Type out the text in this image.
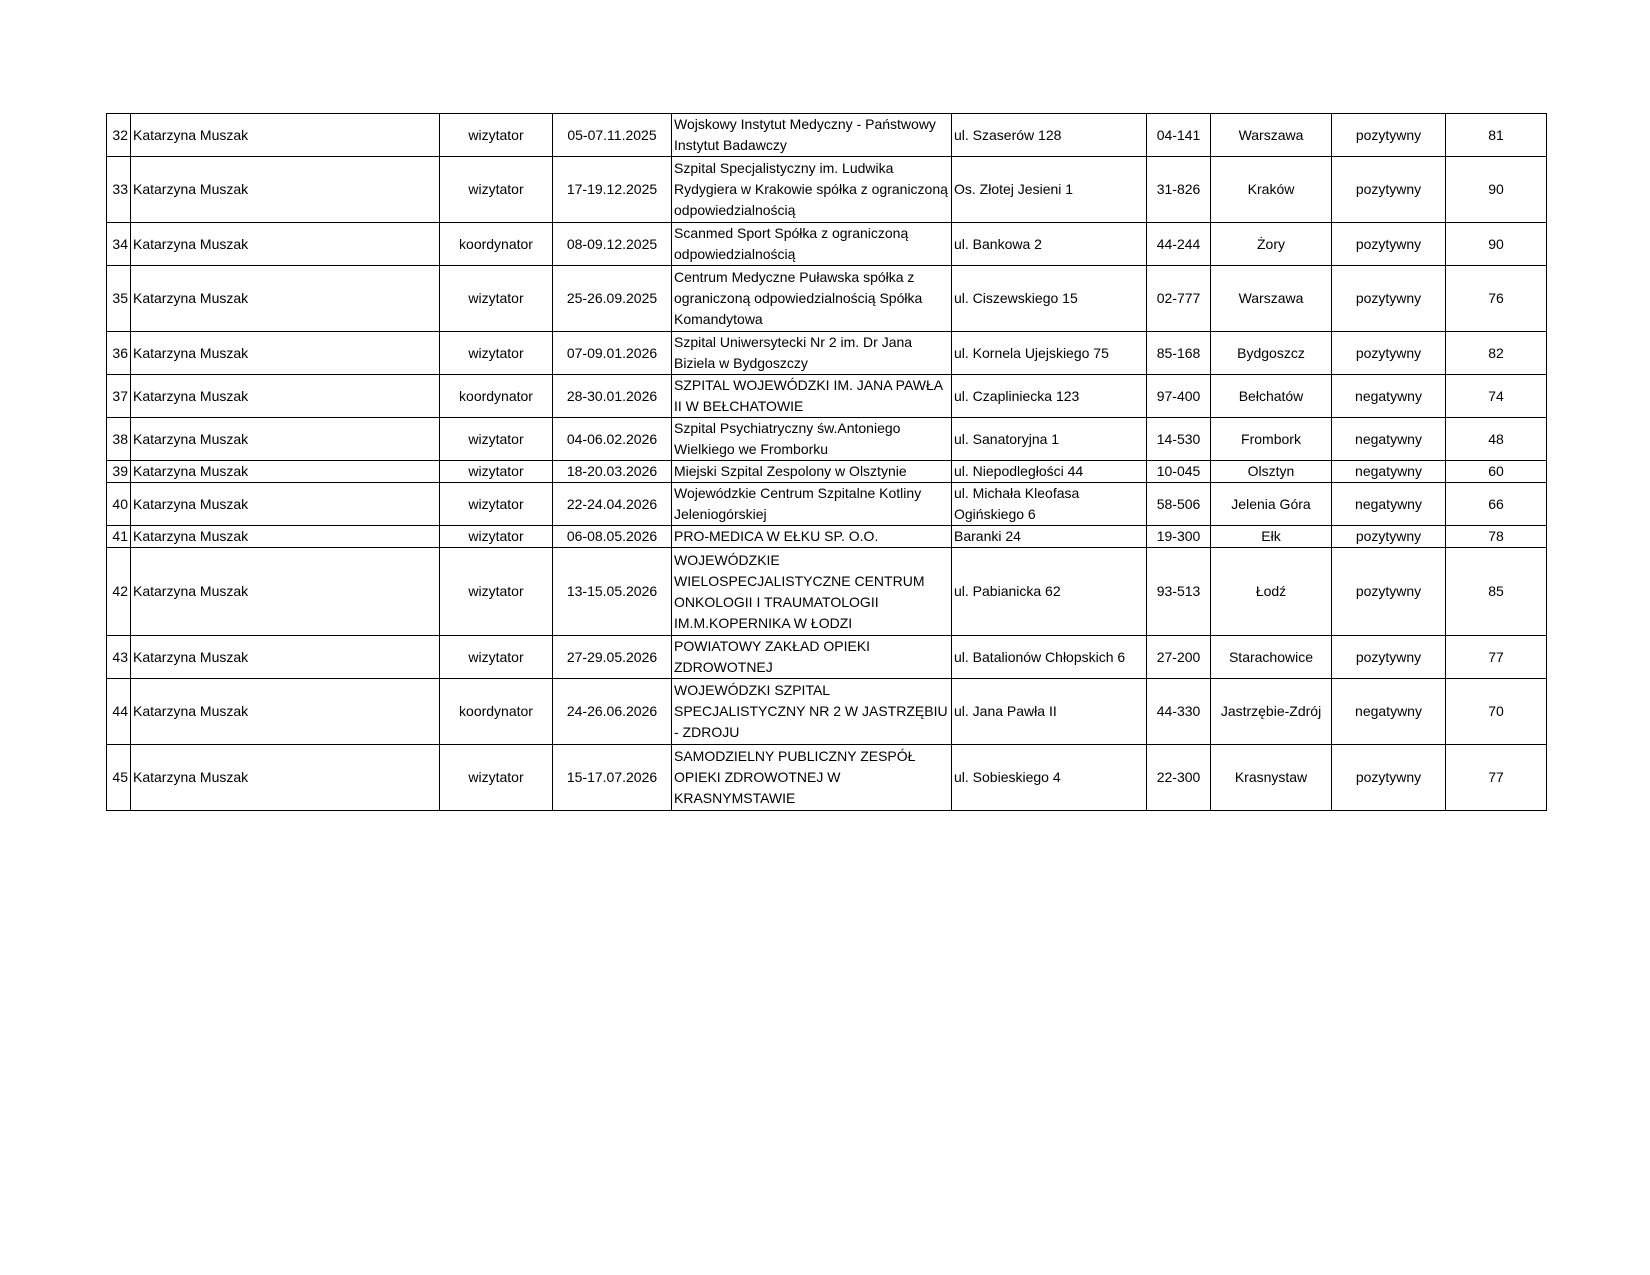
32	Katarzyna Muszak	wizytator	05-07.11.2025	Wojskowy Instytut Medyczny - Państwowy Instytut Badawczy	ul. Szaserów 128	04-141	Warszawa	pozytywny	81
33	Katarzyna Muszak	wizytator	17-19.12.2025	Szpital Specjalistyczny im. Ludwika Rydygiera w Krakowie spółka z ograniczoną odpowiedzialnością	Os. Złotej Jesieni 1	31-826	Kraków	pozytywny	90
34	Katarzyna Muszak	koordynator	08-09.12.2025	Scanmed Sport Spółka z ograniczoną odpowiedzialnością	ul. Bankowa 2	44-244	Żory	pozytywny	90
35	Katarzyna Muszak	wizytator	25-26.09.2025	Centrum Medyczne Puławska spółka z ograniczoną odpowiedzialnością Spółka Komandytowa	ul. Ciszewskiego 15	02-777	Warszawa	pozytywny	76
36	Katarzyna Muszak	wizytator	07-09.01.2026	Szpital Uniwersytecki Nr 2 im. Dr Jana Biziela w Bydgoszczy	ul. Kornela Ujejskiego 75	85-168	Bydgoszcz	pozytywny	82
37	Katarzyna Muszak	koordynator	28-30.01.2026	SZPITAL WOJEWÓDZKI IM. JANA PAWŁA II W BEŁCHATOWIE	ul. Czapliniecka 123	97-400	Bełchatów	negatywny	74
38	Katarzyna Muszak	wizytator	04-06.02.2026	Szpital Psychiatryczny św.Antoniego Wielkiego we Fromborku	ul. Sanatoryjna 1	14-530	Frombork	negatywny	48
39	Katarzyna Muszak	wizytator	18-20.03.2026	Miejski Szpital Zespolony w Olsztynie	ul. Niepodległości 44	10-045	Olsztyn	negatywny	60
40	Katarzyna Muszak	wizytator	22-24.04.2026	Wojewódzkie Centrum Szpitalne Kotliny Jeleniogórskiej	ul. Michała Kleofasa Ogińskiego 6	58-506	Jelenia Góra	negatywny	66
41	Katarzyna Muszak	wizytator	06-08.05.2026	PRO-MEDICA W EŁKU SP. O.O.	Baranki 24	19-300	Ełk	pozytywny	78
42	Katarzyna Muszak	wizytator	13-15.05.2026	WOJEWÓDZKIE WIELOSPECJALISTYCZNE CENTRUM ONKOLOGII I TRAUMATOLOGII IM.M.KOPERNIKA W ŁODZI	ul. Pabianicka 62	93-513	Łodź	pozytywny	85
43	Katarzyna Muszak	wizytator	27-29.05.2026	POWIATOWY ZAKŁAD OPIEKI ZDROWOTNEJ	ul. Batalionów Chłopskich 6	27-200	Starachowice	pozytywny	77
44	Katarzyna Muszak	koordynator	24-26.06.2026	WOJEWÓDZKI SZPITAL SPECJALISTYCZNY NR 2 W JASTRZĘBIU - ZDROJU	ul. Jana Pawła II	44-330	Jastrzębie-Zdrój	negatywny	70
45	Katarzyna Muszak	wizytator	15-17.07.2026	SAMODZIELNY PUBLICZNY ZESPÓŁ OPIEKI ZDROWOTNEJ W KRASNYMSTAWIE	ul. Sobieskiego 4	22-300	Krasnystaw	pozytywny	77
